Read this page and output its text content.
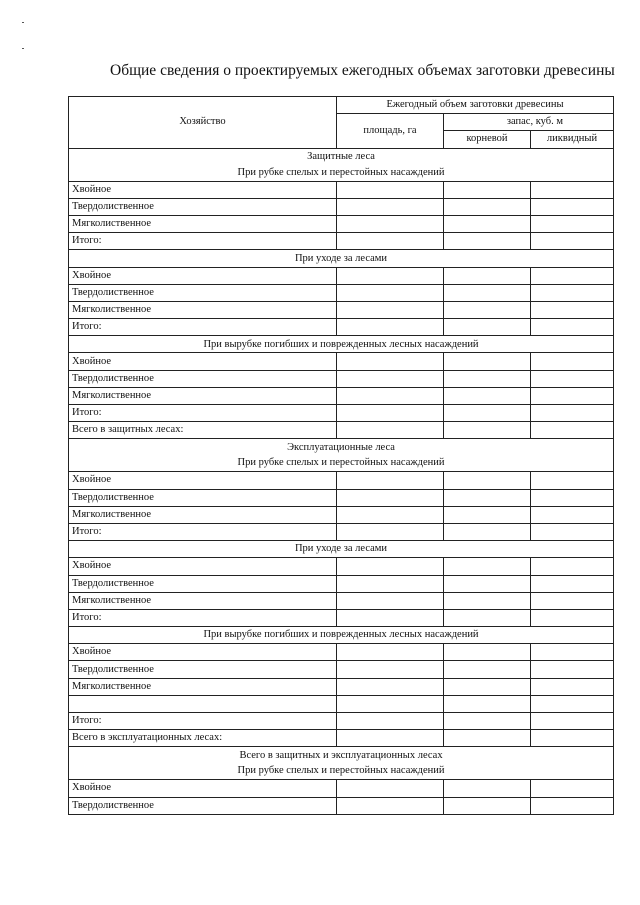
Общие сведения о проектируемых ежегодных объемах заготовки древесины
Хозяйство	Ежегодный объем заготовки древесины		
	площадь, га	запас, куб. м	
		корневой	ликвидный

Защитные леса
При рубке спелых и перестойных насаждений			

Хвойное			
Твердолиственное			
Мягколиственное			
Итого:			

При уходе за лесами			

Хвойное			
Твердолиственное			
Мягколиственное			
Итого:			

При вырубке погибших и поврежденных лесных насаждений			

Хвойное			
Твердолиственное			
Мягколиственное			
Итого:			
Всего в защитных лесах:			

Эксплуатационные леса
При рубке спелых и перестойных насаждений			

Хвойное			
Твердолиственное			
Мягколиственное			
Итого:			

При уходе за лесами			

Хвойное			
Твердолиственное			
Мягколиственное			
Итого:			

При вырубке погибших и поврежденных лесных насаждений			

Хвойное			
Твердолиственное			
Мягколиственное			

Итого:			
Всего в эксплуатационных лесах:			

Всего в защитных и эксплуатационных лесах
При рубке спелых и перестойных насаждений			

Хвойное			
Твердолиственное			
